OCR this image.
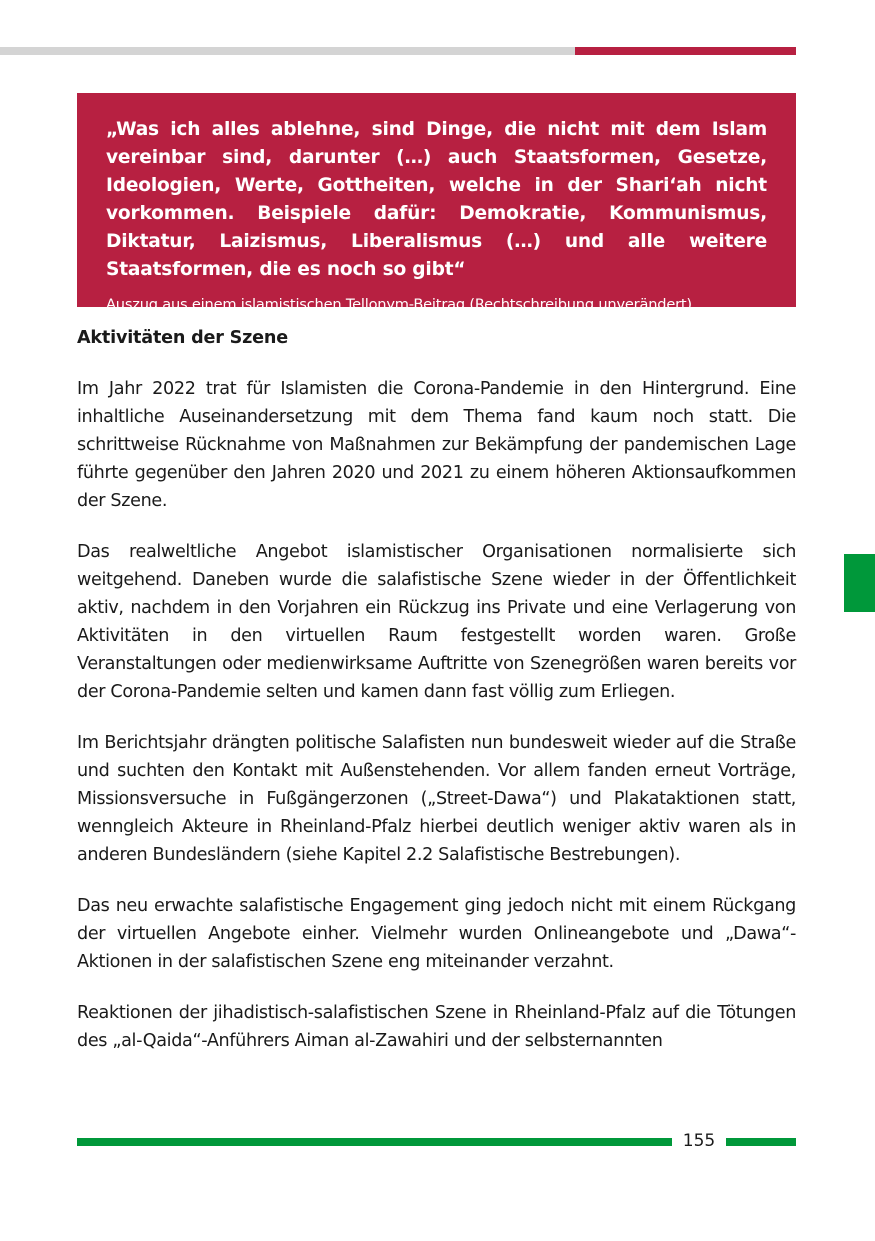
„Was ich alles ablehne, sind Dinge, die nicht mit dem Islam vereinbar sind, darunter (…) auch Staatsformen, Gesetze, Ideologien, Werte, Gottheiten, welche in der Shari‘ah nicht vorkommen. Beispiele dafür: Demokratie, Kommunismus, Diktatur, Laizismus, Liberalismus (…) und alle weitere Staatsformen, die es noch so gibt“

Auszug aus einem islamistischen Tellonym-Beitrag (Rechtschreibung unverändert)

Aktivitäten der Szene

Im Jahr 2022 trat für Islamisten die Corona-Pandemie in den Hintergrund. Eine inhaltliche Auseinandersetzung mit dem Thema fand kaum noch statt. Die schrittweise Rücknahme von Maßnahmen zur Bekämpfung der pandemischen Lage führte gegenüber den Jahren 2020 und 2021 zu einem höheren Aktionsaufkommen der Szene.

Das realweltliche Angebot islamistischer Organisationen normalisierte sich weitgehend. Daneben wurde die salafistische Szene wieder in der Öffentlichkeit aktiv, nachdem in den Vorjahren ein Rückzug ins Private und eine Verlagerung von Aktivitäten in den virtuellen Raum festgestellt worden waren. Große Veranstaltungen oder medienwirksame Auftritte von Szenegrößen waren bereits vor der Corona-Pandemie selten und kamen dann fast völlig zum Erliegen.

Im Berichtsjahr drängten politische Salafisten nun bundesweit wieder auf die Straße und suchten den Kontakt mit Außenstehenden. Vor allem fanden erneut Vorträge, Missionsversuche in Fußgängerzonen („Street-Dawa“) und Plakataktionen statt, wenngleich Akteure in Rheinland-Pfalz hierbei deutlich weniger aktiv waren als in anderen Bundesländern (siehe Kapitel 2.2 Salafistische Bestrebungen).

Das neu erwachte salafistische Engagement ging jedoch nicht mit einem Rückgang der virtuellen Angebote einher. Vielmehr wurden Onlineangebote und „Dawa“-Aktionen in der salafistischen Szene eng miteinander verzahnt.

Reaktionen der jihadistisch-salafistischen Szene in Rheinland-Pfalz auf die Tötungen des „al-Qaida“-Anführers Aiman al-Zawahiri und der selbsternannten

155
